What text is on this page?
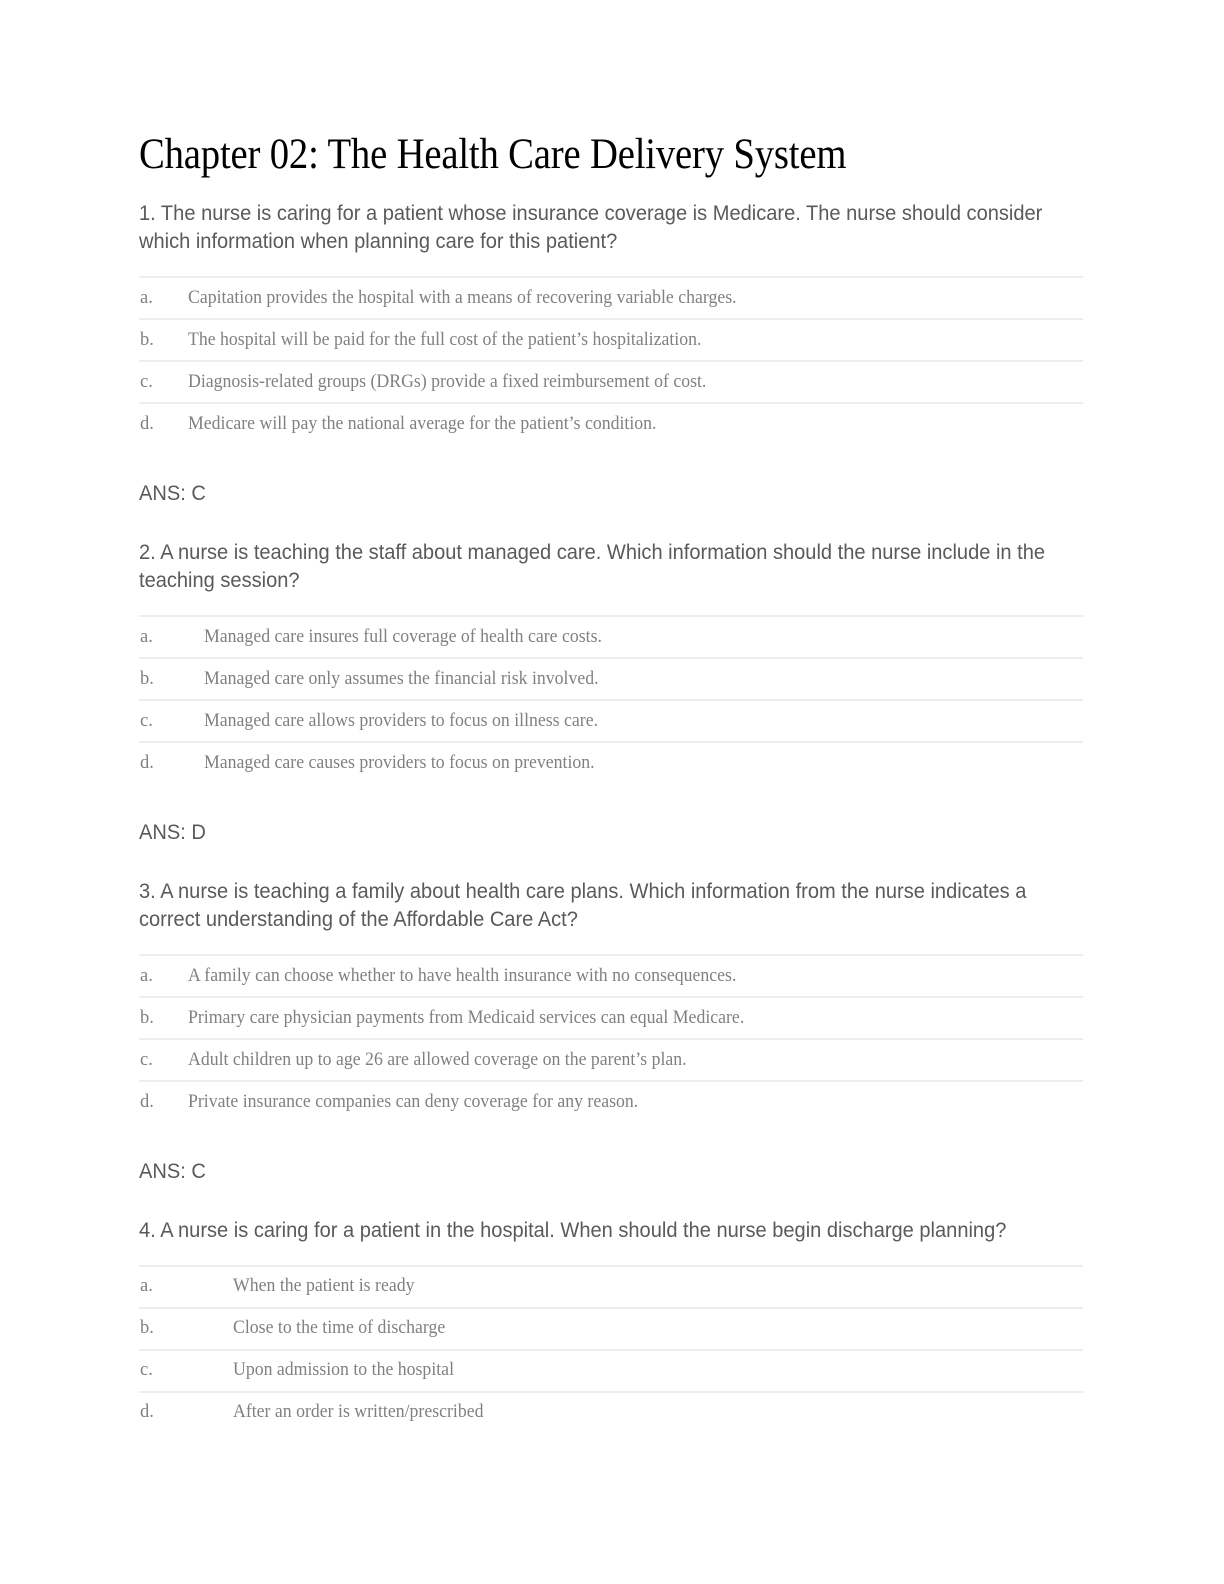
Chapter 02: The Health Care Delivery System

1. The nurse is caring for a patient whose insurance coverage is Medicare. The nurse should consider which information when planning care for this patient?

a.	Capitation provides the hospital with a means of recovering variable charges.
b.	The hospital will be paid for the full cost of the patient’s hospitalization.
c.	Diagnosis-related groups (DRGs) provide a fixed reimbursement of cost.
d.	Medicare will pay the national average for the patient’s condition.

ANS: C

2. A nurse is teaching the staff about managed care. Which information should the nurse include in the teaching session?

a.	Managed care insures full coverage of health care costs.
b.	Managed care only assumes the financial risk involved.
c.	Managed care allows providers to focus on illness care.
d.	Managed care causes providers to focus on prevention.

ANS: D

3. A nurse is teaching a family about health care plans. Which information from the nurse indicates a correct understanding of the Affordable Care Act?

a.	A family can choose whether to have health insurance with no consequences.
b.	Primary care physician payments from Medicaid services can equal Medicare.
c.	Adult children up to age 26 are allowed coverage on the parent’s plan.
d.	Private insurance companies can deny coverage for any reason.

ANS: C

4. A nurse is caring for a patient in the hospital. When should the nurse begin discharge planning?

a.	When the patient is ready
b.	Close to the time of discharge
c.	Upon admission to the hospital
d.	After an order is written/prescribed
